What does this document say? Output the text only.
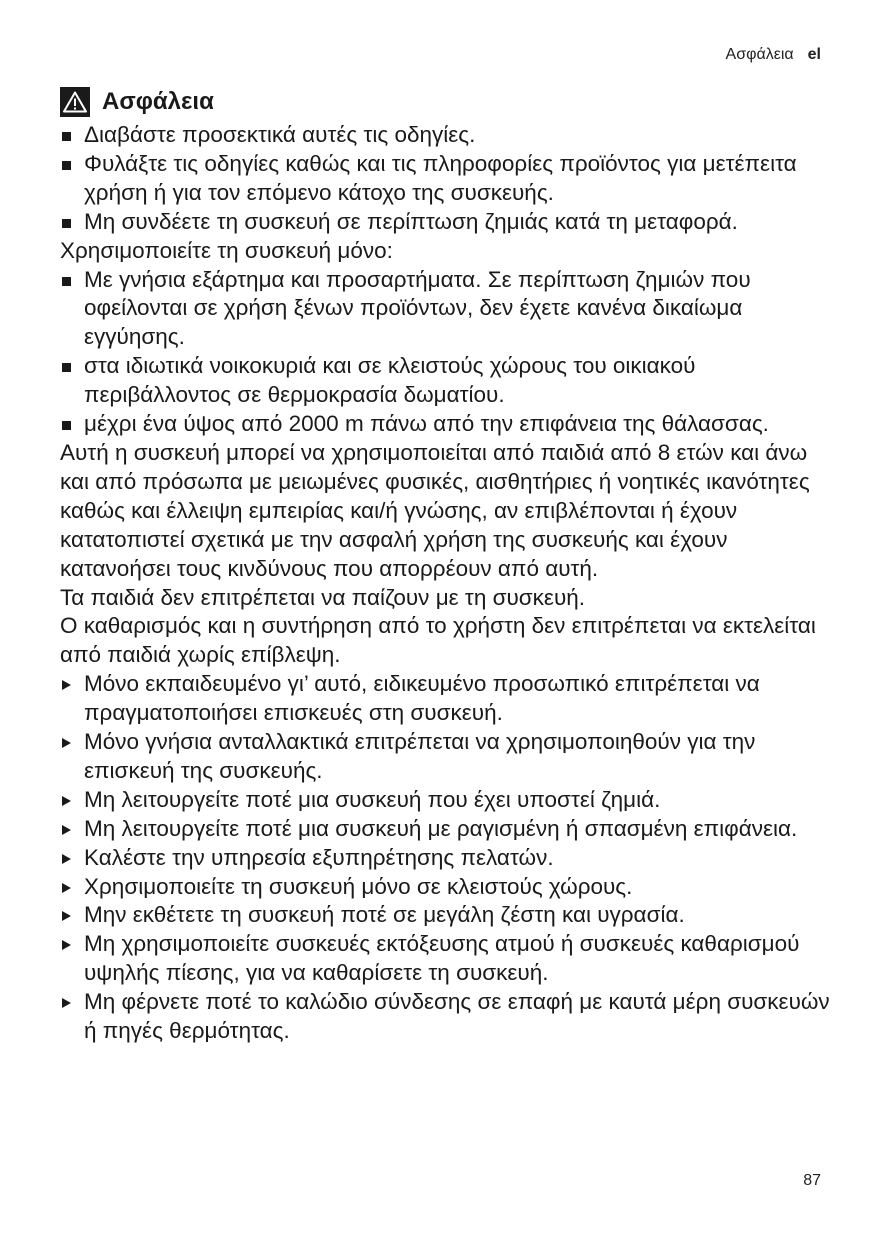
Ασφάλεια el
Ασφάλεια
Διαβάστε προσεκτικά αυτές τις οδηγίες.
Φυλάξτε τις οδηγίες καθώς και τις πληροφορίες προϊόντος για μετέπειτα χρήση ή για τον επόμενο κάτοχο της συσκευής.
Μη συνδέετε τη συσκευή σε περίπτωση ζημιάς κατά τη μεταφορά.
Χρησιμοποιείτε τη συσκευή μόνο:
Με γνήσια εξάρτημα και προσαρτήματα. Σε περίπτωση ζημιών που οφείλονται σε χρήση ξένων προϊόντων, δεν έχετε κανένα δικαίωμα εγγύησης.
στα ιδιωτικά νοικοκυριά και σε κλειστούς χώρους του οικιακού περιβάλλοντος σε θερμοκρασία δωματίου.
μέχρι ένα ύψος από 2000 m πάνω από την επιφάνεια της θάλασσας.
Αυτή η συσκευή μπορεί να χρησιμοποιείται από παιδιά από 8 ετών και άνω και από πρόσωπα με μειωμένες φυσικές, αισθητήριες ή νοητικές ικανότητες καθώς και έλλειψη εμπειρίας και/ή γνώσης, αν επιβλέπονται ή έχουν κατατοπιστεί σχετικά με την ασφαλή χρήση της συσκευής και έχουν κατανοήσει τους κινδύνους που απορρέουν από αυτή.
Τα παιδιά δεν επιτρέπεται να παίζουν με τη συσκευή.
Ο καθαρισμός και η συντήρηση από το χρήστη δεν επιτρέπεται να εκτελείται από παιδιά χωρίς επίβλεψη.
Μόνο εκπαιδευμένο γι’ αυτό, ειδικευμένο προσωπικό επιτρέπεται να πραγματοποιήσει επισκευές στη συσκευή.
Μόνο γνήσια ανταλλακτικά επιτρέπεται να χρησιμοποιηθούν για την επισκευή της συσκευής.
Μη λειτουργείτε ποτέ μια συσκευή που έχει υποστεί ζημιά.
Μη λειτουργείτε ποτέ μια συσκευή με ραγισμένη ή σπασμένη επιφάνεια.
Καλέστε την υπηρεσία εξυπηρέτησης πελατών.
Χρησιμοποιείτε τη συσκευή μόνο σε κλειστούς χώρους.
Μην εκθέτετε τη συσκευή ποτέ σε μεγάλη ζέστη και υγρασία.
Μη χρησιμοποιείτε συσκευές εκτόξευσης ατμού ή συσκευές καθαρισμού υψηλής πίεσης, για να καθαρίσετε τη συσκευή.
Μη φέρνετε ποτέ το καλώδιο σύνδεσης σε επαφή με καυτά μέρη συσκευών ή πηγές θερμότητας.
87
